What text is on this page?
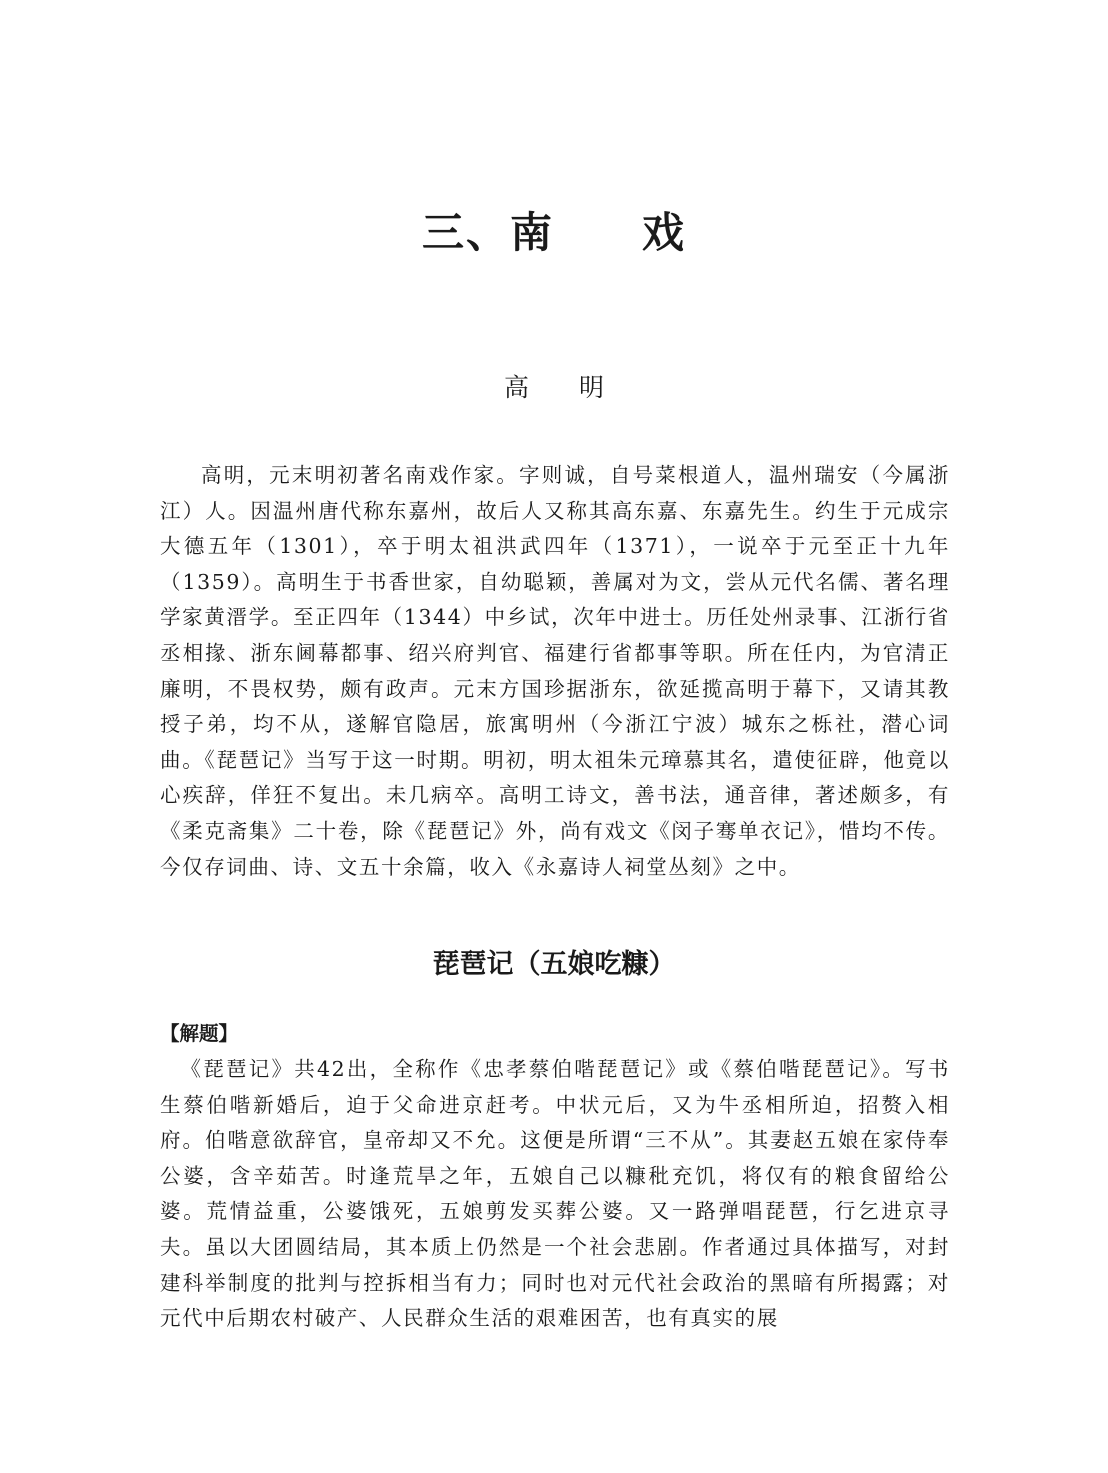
三、南　　戏
高　　明

高明，元末明初著名南戏作家。字则诚，自号菜根道人，温州瑞安（今属浙江）人。因温州唐代称东嘉州，故后人又称其高东嘉、东嘉先生。约生于元成宗大德五年（1301），卒于明太祖洪武四年（1371），一说卒于元至正十九年（1359）。高明生于书香世家，自幼聪颖，善属对为文，尝从元代名儒、著名理学家黄溍学。至正四年（1344）中乡试，次年中进士。历任处州录事、江浙行省丞相掾、浙东阃幕都事、绍兴府判官、福建行省都事等职。所在任内，为官清正廉明，不畏权势，颇有政声。元末方国珍据浙东，欲延揽高明于幕下，又请其教授子弟，均不从，遂解官隐居，旅寓明州（今浙江宁波）城东之栎社，潜心词曲。《琵琶记》当写于这一时期。明初，明太祖朱元璋慕其名，遣使征辟，他竟以心疾辞，佯狂不复出。未几病卒。高明工诗文，善书法，通音律，著述颇多，有《柔克斋集》二十卷，除《琵琶记》外，尚有戏文《闵子骞单衣记》，惜均不传。今仅存词曲、诗、文五十余篇，收入《永嘉诗人祠堂丛刻》之中。

琵琶记（五娘吃糠）
【解题】

《琵琶记》共42出，全称作《忠孝蔡伯喈琵琶记》或《蔡伯喈琵琶记》。写书生蔡伯喈新婚后，迫于父命进京赶考。中状元后，又为牛丞相所迫，招赘入相府。伯喈意欲辞官，皇帝却又不允。这便是所谓“三不从”。其妻赵五娘在家侍奉公婆，含辛茹苦。时逢荒旱之年，五娘自己以糠秕充饥，将仅有的粮食留给公婆。荒情益重，公婆饿死，五娘剪发买葬公婆。又一路弹唱琵琶，行乞进京寻夫。虽以大团圆结局，其本质上仍然是一个社会悲剧。作者通过具体描写，对封建科举制度的批判与控拆相当有力；同时也对元代社会政治的黑暗有所揭露；对元代中后期农村破产、人民群众生活的艰难困苦，也有真实的展
